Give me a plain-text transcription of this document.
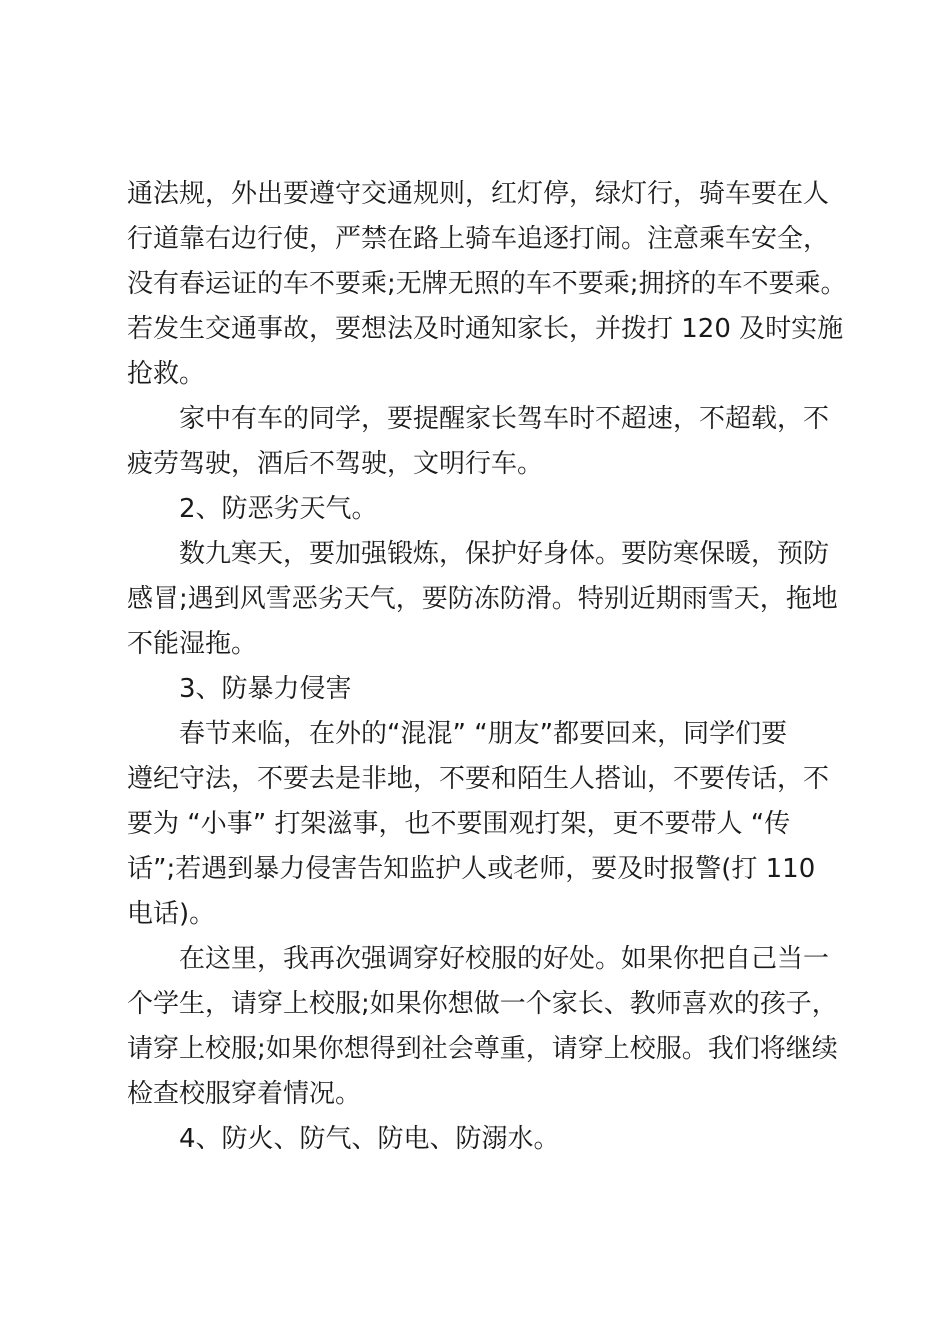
通法规，外出要遵守交通规则，红灯停，绿灯行，骑车要在人
行道靠右边行使，严禁在路上骑车追逐打闹。注意乘车安全，
没有春运证的车不要乘;无牌无照的车不要乘;拥挤的车不要乘。
若发生交通事故，要想法及时通知家长，并拨打 120 及时实施
抢救。
家中有车的同学，要提醒家长驾车时不超速，不超载，不
疲劳驾驶，酒后不驾驶，文明行车。
2、防恶劣天气。
数九寒天，要加强锻炼，保护好身体。要防寒保暖，预防
感冒;遇到风雪恶劣天气，要防冻防滑。特别近期雨雪天，拖地
不能湿拖。
3、防暴力侵害
春节来临，在外的“混混” “朋友”都要回来，同学们要
遵纪守法，不要去是非地，不要和陌生人搭讪，不要传话，不
要为 “小事” 打架滋事，也不要围观打架，更不要带人 “传
话”;若遇到暴力侵害告知监护人或老师，要及时报警(打 110
电话)。
在这里，我再次强调穿好校服的好处。如果你把自己当一
个学生，请穿上校服;如果你想做一个家长、教师喜欢的孩子，
请穿上校服;如果你想得到社会尊重，请穿上校服。我们将继续
检查校服穿着情况。
4、防火、防气、防电、防溺水。
